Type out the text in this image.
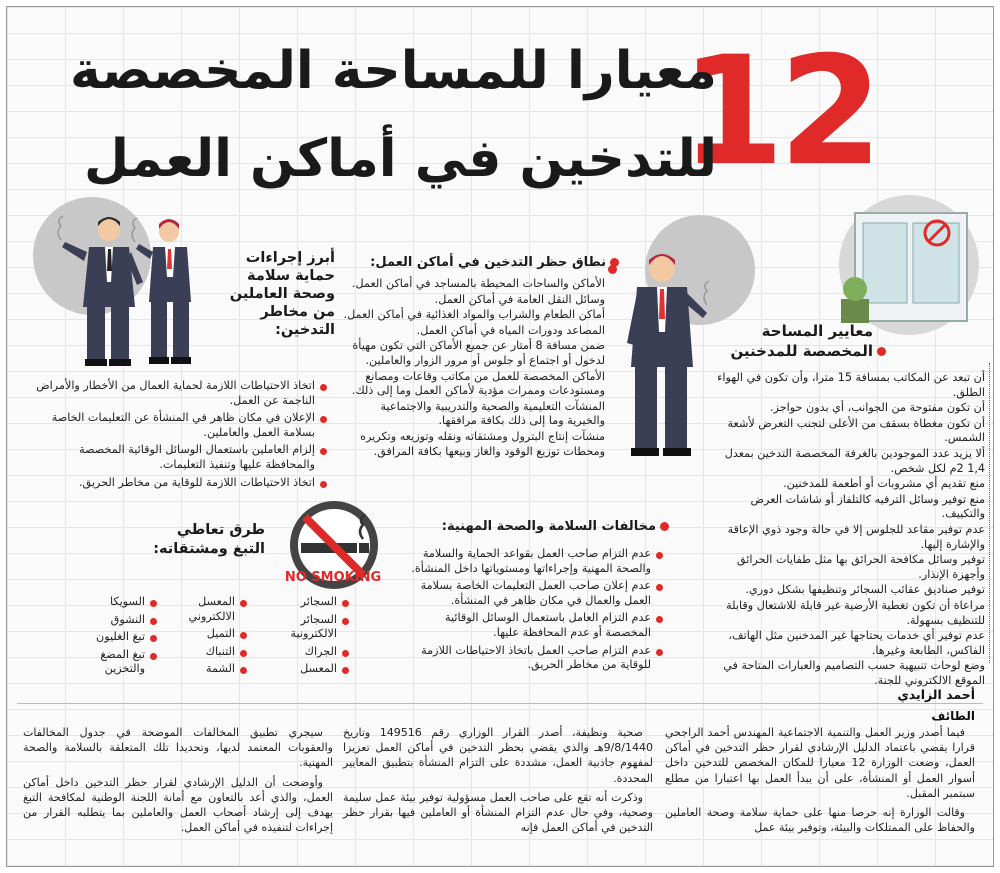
12
معيارا للمساحة المخصصة
للتدخين في أماكن العمل
أبرز إجراءات
حماية سلامة
وصحة العاملين
من مخاطر
التدخين:
اتخاذ الاحتياطات اللازمة لحماية العمال من الأخطار والأمراض الناجمة عن العمل.
الإعلان في مكان ظاهر في المنشأة عن التعليمات الخاصة بسلامة العمل والعاملين.
إلزام العاملين باستعمال الوسائل الوقائية المخصصة والمحافظة عليها وتنفيذ التعليمات.
اتخاذ الاحتياطات اللازمة للوقاية من مخاطر الحريق.
نطاق حظر التدخين في أماكن العمل:
الأماكن والساحات المحيطة بالمساجد في أماكن العمل.
وسائل النقل العامة في أماكن العمل.
أماكن الطعام والشراب والمواد الغذائية في أماكن العمل.
المصاعد ودورات المياه في أماكن العمل.
ضمن مسافة 8 أمتار عن جميع الأماكن التي تكون مهيأة لدخول أو اجتماع أو جلوس أو مرور الزوار والعاملين.
الأماكن المخصصة للعمل من مكاتب وقاعات ومصانع ومستودعات وممرات مؤدية لأماكن العمل وما إلى ذلك.
المنشآت التعليمية والصحية والتدريبية والاجتماعية والخيرية وما إلى ذلك بكافة مرافقها.
منشآت إنتاج البترول ومشتقاته ونقله وتوزيعه وتكريره ومحطات توزيع الوقود والغاز وبيعها بكافة المرافق.
معايير المساحة
المخصصة للمدخنين
أن تبعد عن المكاتب بمسافة 15 مترا، وأن تكون في الهواء الطلق.
أن تكون مفتوحة من الجوانب، أي بدون حواجز.
أن تكون مغطاة بسقف من الأعلى لتجنب التعرض لأشعة الشمس.
ألا يزيد عدد الموجودين بالغرفة المخصصة التدخين بمعدل 1,4 2م لكل شخص.
منع تقديم أي مشروبات أو أطعمة للمدخنين.
منع توفير وسائل الترفيه كالتلفاز أو شاشات العرض والتكييف.
عدم توفير مقاعد للجلوس إلا في حالة وجود ذوي الإعاقة والإشارة إليها.
توفير وسائل مكافحة الحرائق بها مثل طفايات الحرائق وأجهزة الإنذار.
توفير صناديق عقائب السجائر وتنظيفها بشكل دوري.
مراعاة أن تكون تغطية الأرضية غير قابلة للاشتعال وقابلة للتنظيف بسهولة.
عدم توفير أي خدمات يحتاجها غير المدخنين مثل الهاتف، الفاكس، الطابعة وغيرها.
وضع لوحات تنبيهية حسب التصاميم والعبارات المتاحة في الموقع الالكتروني للجنة.
مخالفات السلامة والصحة المهنية:
عدم التزام صاحب العمل بقواعد الحماية والسلامة والصحة المهنية وإجراءاتها ومستوياتها داخل المنشأة.
عدم إعلان صاحب العمل التعليمات الخاصة بسلامة العمل والعمال في مكان ظاهر في المنشأة.
عدم التزام العامل باستعمال الوسائل الوقائية المخصصة أو عدم المحافظة عليها.
عدم التزام صاحب العمل باتخاذ الاحتياطات اللازمة للوقاية من مخاطر الحريق.
NO SMOKING
طرق تعاطي
التبغ ومشتقاته:
السجائر
السجائر الالكترونية
الجراك
المعسل
المعسل الالكتروني
التميل
التنباك
الشمة
السويكا
النشوق
تبغ الغليون
تبغ المضغ والتخزين
أحمد الزايدي
الطائف

فيما أصدر وزير العمل والتنمية الاجتماعية المهندس أحمد الراجحي قرارا يقضي باعتماد الدليل الإرشادي لقرار حظر التدخين في أماكن العمل، وضعت الوزارة 12 معيارا للمكان المخصص للتدخين داخل أسوار العمل أو المنشأة، على أن يبدأ العمل بها اعتبارا من مطلع سبتمبر المقبل.

وقالت الوزارة إنه حرصا منها على حماية سلامة وصحة العاملين والحفاظ على الممتلكات والبيئة، وتوفير بيئة عمل

صحية ونظيفة، أصدر القرار الوزاري رقم 149516 وتاريخ 9/8/1440هـ والذي يقضي بحظر التدخين في أماكن العمل تعزيزا لمفهوم جاذبية العمل، مشددة على التزام المنشأة بتطبيق المعايير المحددة.

وذكرت أنه تقع على صاحب العمل مسؤولية توفير بيئة عمل سليمة وصحية، وفي حال عدم التزام المنشأة أو العاملين فيها بقرار حظر التدخين في أماكن العمل فإنه

سيجري تطبيق المخالفات الموضحة في جدول المخالفات والعقوبات المعتمد لديها، وتحديدا تلك المتعلقة بالسلامة والصحة المهنية.

وأوضحت أن الدليل الإرشادي لقرار حظر التدخين داخل أماكن العمل، والذي أعد بالتعاون مع أمانة اللجنة الوطنية لمكافحة التبغ يهدف إلى إرشاد أصحاب العمل والعاملين بما يتطلبه القرار من إجراءات لتنفيذه في أماكن العمل.
